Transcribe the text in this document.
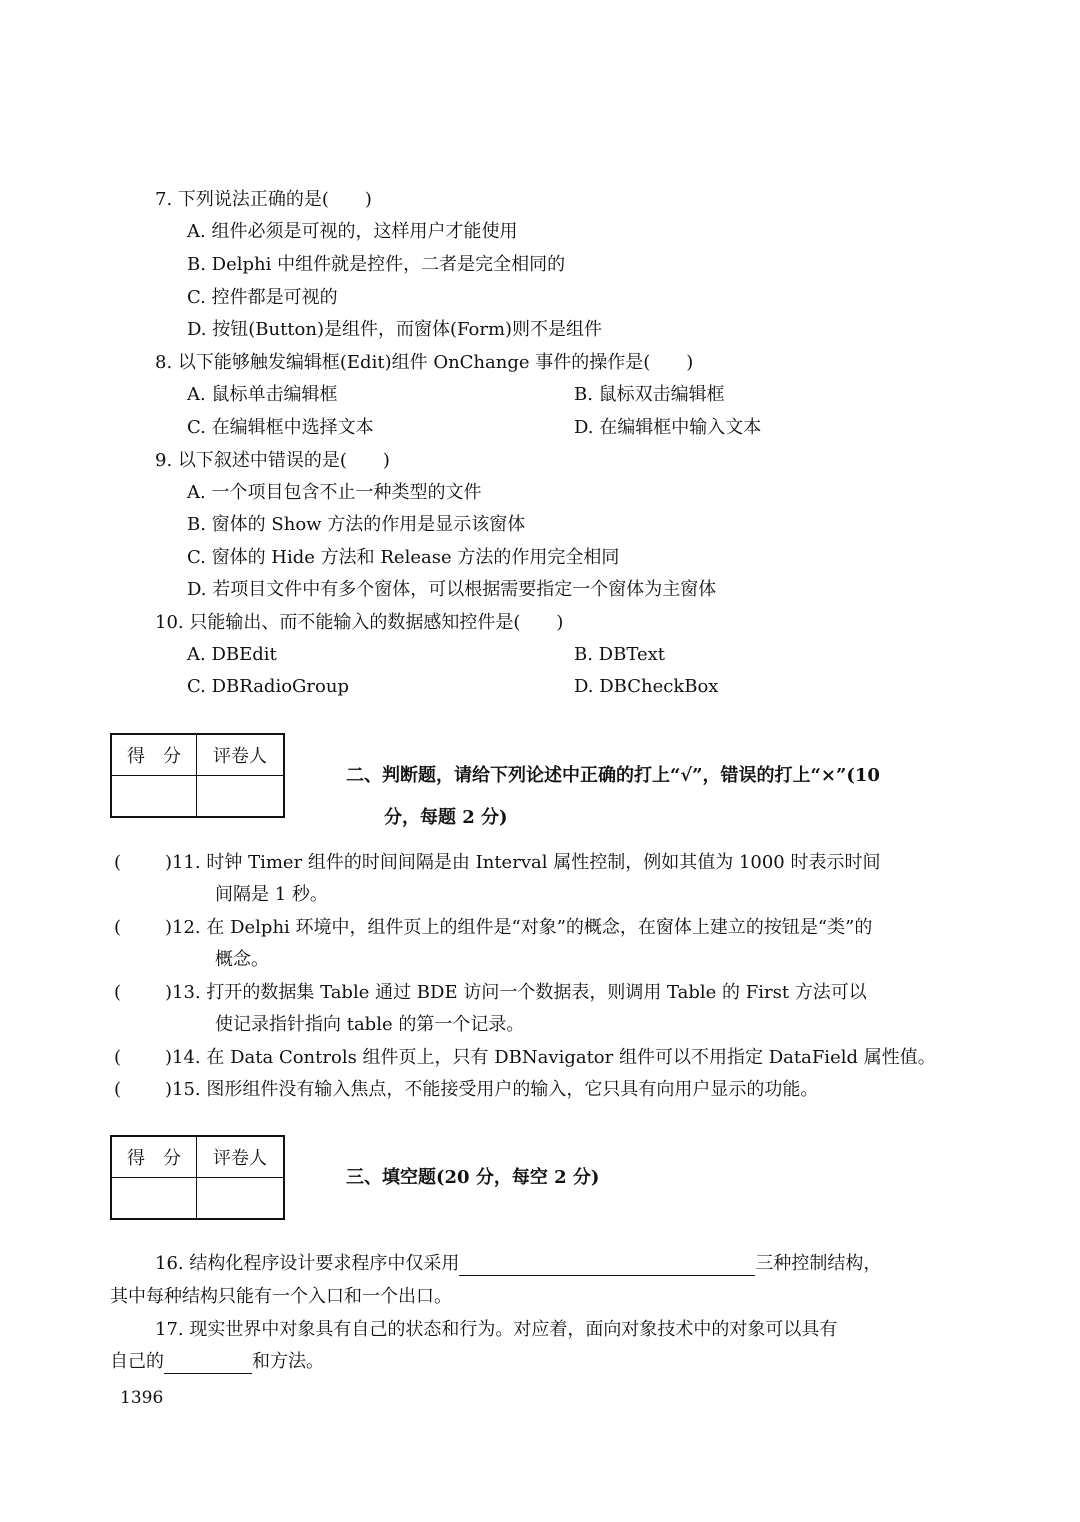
7. 下列说法正确的是(　　)
A. 组件必须是可视的，这样用户才能使用
B. Delphi 中组件就是控件，二者是完全相同的
C. 控件都是可视的
D. 按钮(Button)是组件，而窗体(Form)则不是组件
8. 以下能够触发编辑框(Edit)组件 OnChange 事件的操作是(　　)
A. 鼠标单击编辑框	B. 鼠标双击编辑框
C. 在编辑框中选择文本	D. 在编辑框中输入文本
9. 以下叙述中错误的是(　　)
A. 一个项目包含不止一种类型的文件
B. 窗体的 Show 方法的作用是显示该窗体
C. 窗体的 Hide 方法和 Release 方法的作用完全相同
D. 若项目文件中有多个窗体，可以根据需要指定一个窗体为主窗体
10. 只能输出、而不能输入的数据感知控件是(　　)
A. DBEdit	B. DBText
C. DBRadioGroup	D. DBCheckBox
得　分	评卷人

二、判断题，请给下列论述中正确的打上“√”，错误的打上“×”(10
分，每题 2 分)
( )11. 时钟 Timer 组件的时间间隔是由 Interval 属性控制，例如其值为 1000 时表示时间
间隔是 1 秒。
( )12. 在 Delphi 环境中，组件页上的组件是“对象”的概念，在窗体上建立的按钮是“类”的
概念。
( )13. 打开的数据集 Table 通过 BDE 访问一个数据表，则调用 Table 的 First 方法可以
使记录指针指向 table 的第一个记录。
( )14. 在 Data Controls 组件页上，只有 DBNavigator 组件可以不用指定 DataField 属性值。
( )15. 图形组件没有输入焦点，不能接受用户的输入，它只具有向用户显示的功能。
得　分	评卷人

三、填空题(20 分，每空 2 分)
16. 结构化程序设计要求程序中仅采用	三种控制结构，
其中每种结构只能有一个入口和一个出口。
17. 现实世界中对象具有自己的状态和行为。对应着，面向对象技术中的对象可以具有
自己的	和方法。
1396
